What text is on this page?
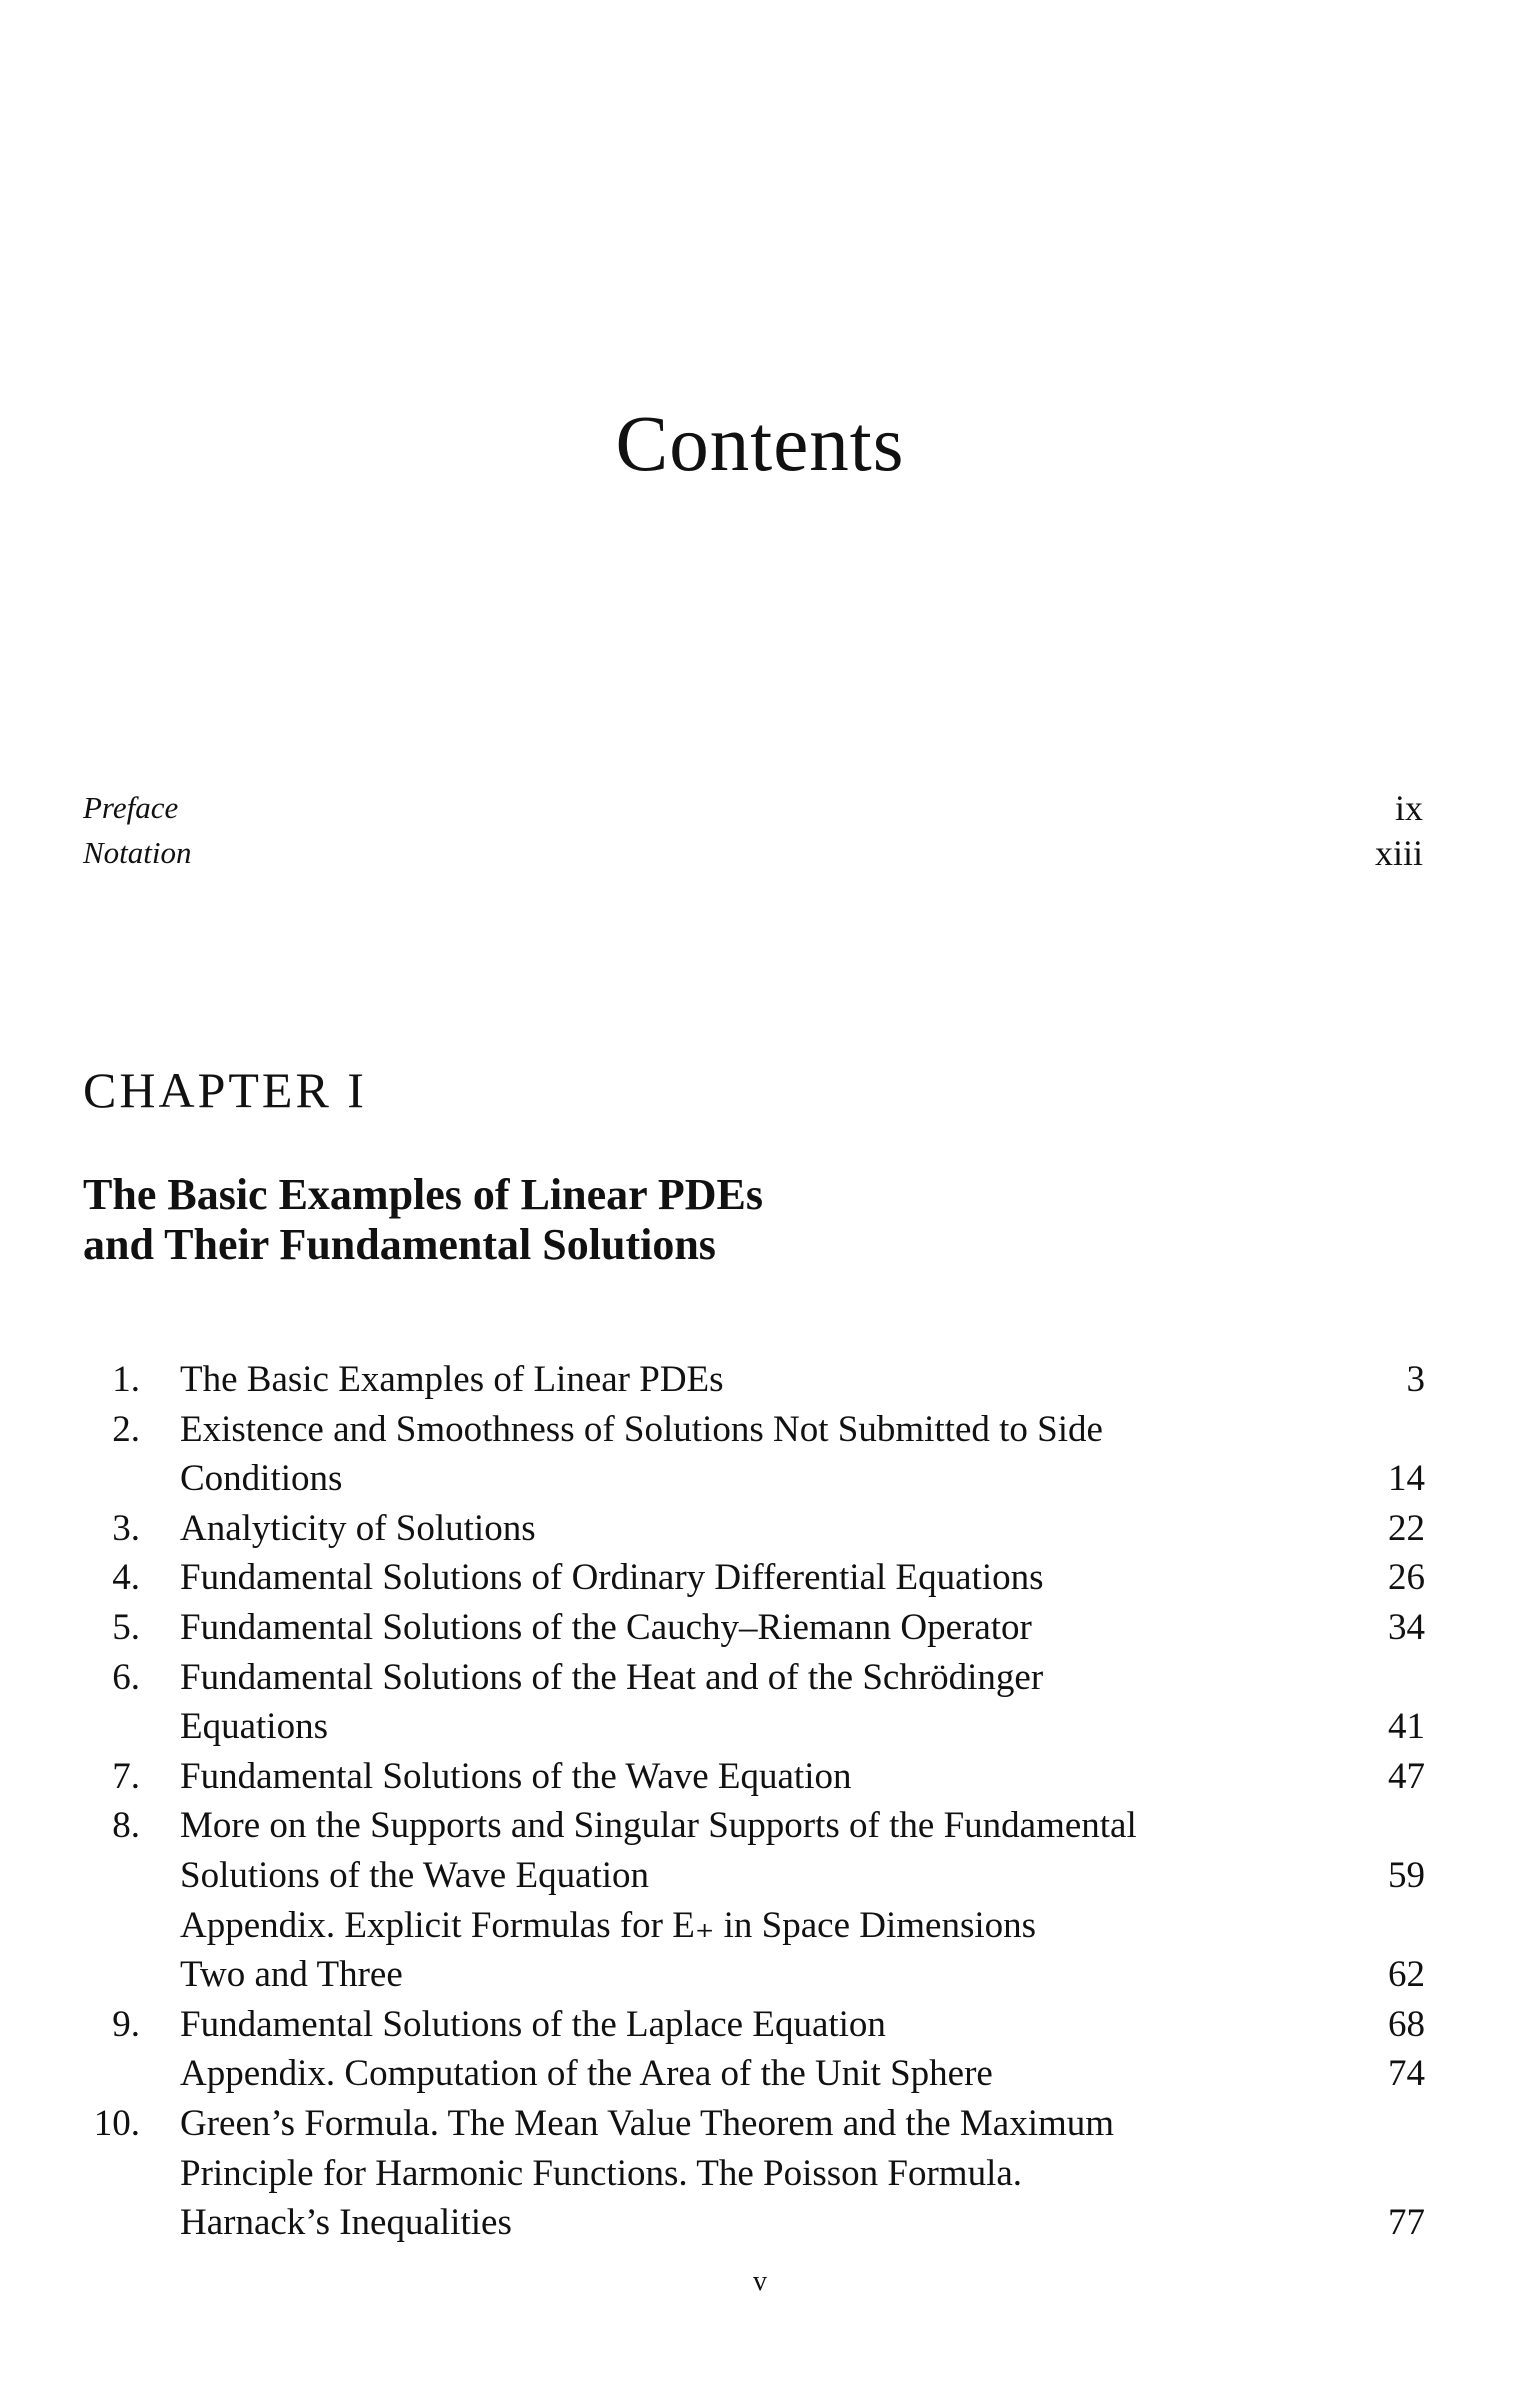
Contents
Preface	ix
Notation	xiii
CHAPTER I
The Basic Examples of Linear PDEs
and Their Fundamental Solutions
1. The Basic Examples of Linear PDEs	3
2. Existence and Smoothness of Solutions Not Submitted to Side
Conditions	14
3. Analyticity of Solutions	22
4. Fundamental Solutions of Ordinary Differential Equations	26
5. Fundamental Solutions of the Cauchy–Riemann Operator	34
6. Fundamental Solutions of the Heat and of the Schrödinger
Equations	41
7. Fundamental Solutions of the Wave Equation	47
8. More on the Supports and Singular Supports of the Fundamental
Solutions of the Wave Equation	59
Appendix. Explicit Formulas for E₊ in Space Dimensions
Two and Three	62
9. Fundamental Solutions of the Laplace Equation	68
Appendix. Computation of the Area of the Unit Sphere	74
10. Green’s Formula. The Mean Value Theorem and the Maximum
Principle for Harmonic Functions. The Poisson Formula.
Harnack’s Inequalities	77
v
